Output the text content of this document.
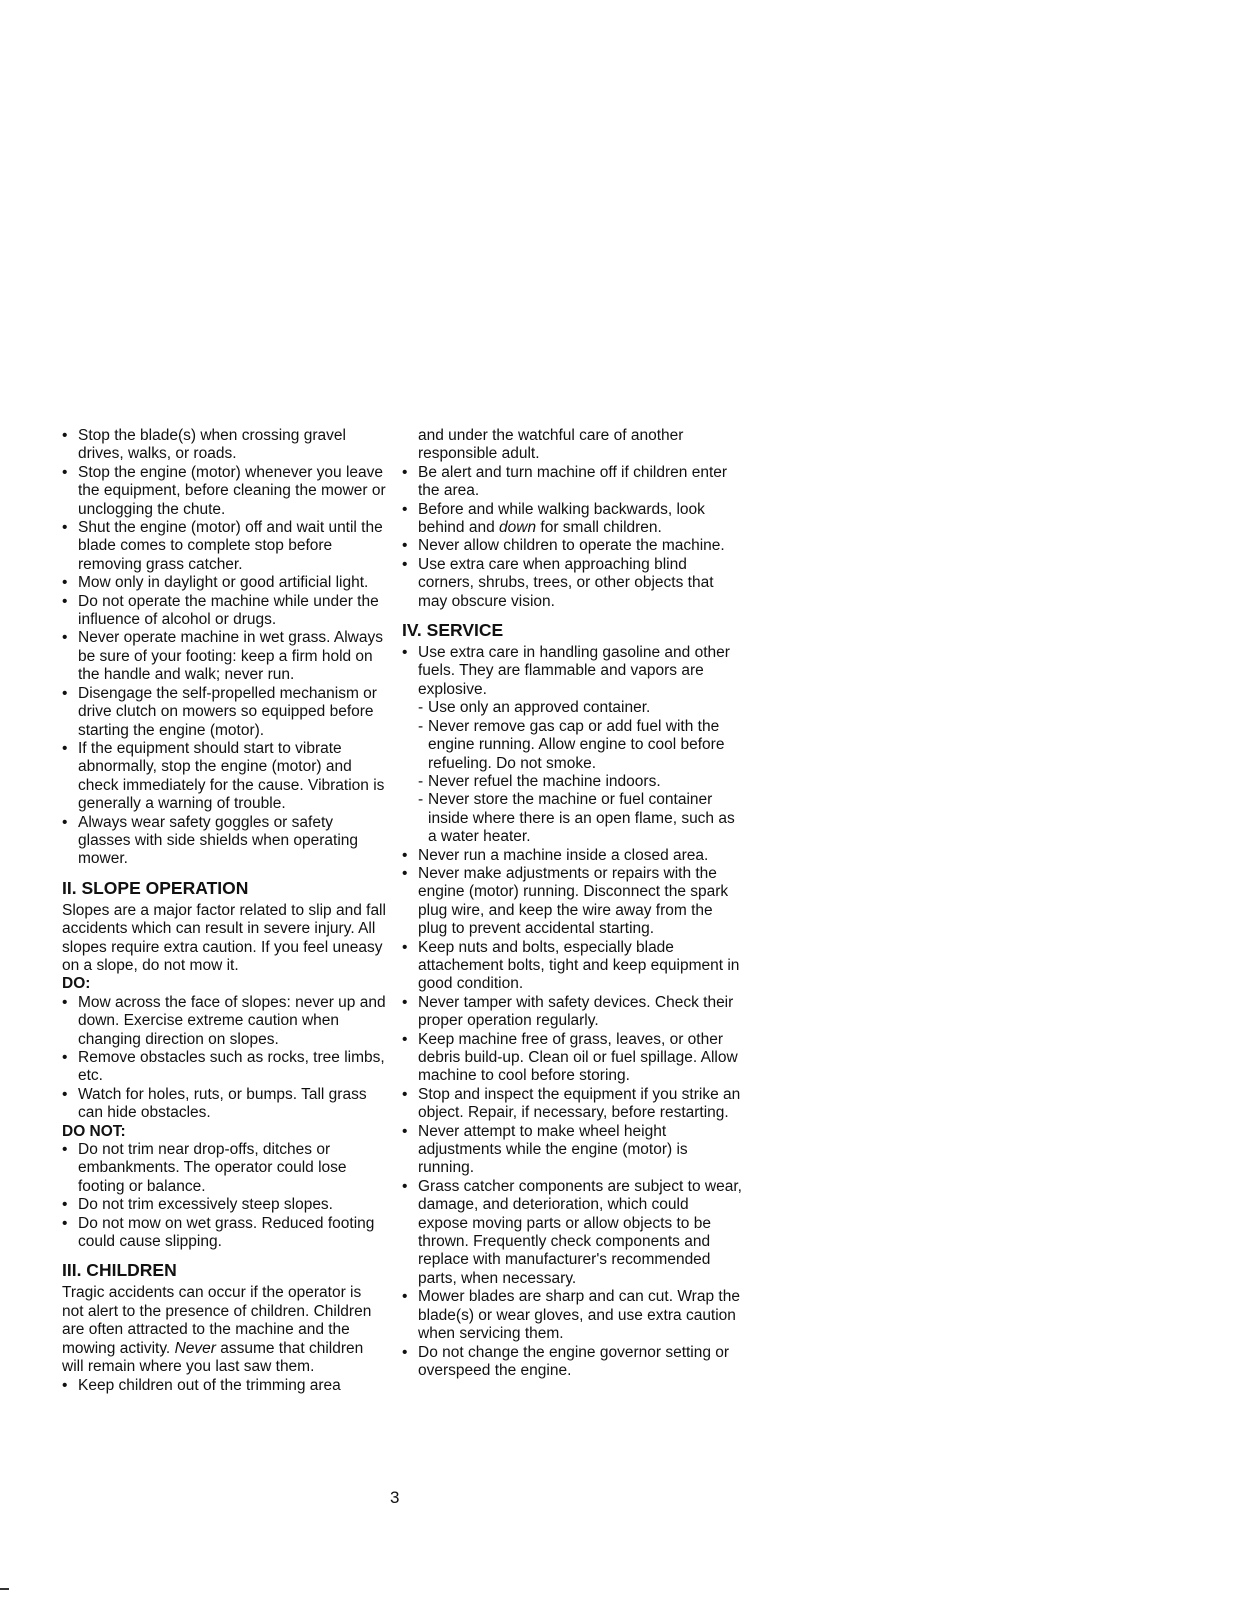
• Stop the blade(s) when crossing gravel drives, walks, or roads.
• Stop the engine (motor) whenever you leave the equipment, before cleaning the mower or unclogging the chute.
• Shut the engine (motor) off and wait until the blade comes to complete stop before removing grass catcher.
• Mow only in daylight or good artificial light.
• Do not operate the machine while under the influence of alcohol or drugs.
• Never operate machine in wet grass. Always be sure of your footing: keep a firm hold on the handle and walk; never run.
• Disengage the self-propelled mechanism or drive clutch on mowers so equipped before starting the engine (motor).
• If the equipment should start to vibrate abnormally, stop the engine (motor) and check immediately for the cause. Vibration is generally a warning of trouble.
• Always wear safety goggles or safety glasses with side shields when operating mower.
II. SLOPE OPERATION

Slopes are a major factor related to slip and fall accidents which can result in severe injury. All slopes require extra caution. If you feel uneasy on a slope, do not mow it.

DO:

• Mow across the face of slopes: never up and down. Exercise extreme caution when changing direction on slopes.
• Remove obstacles such as rocks, tree limbs, etc.
• Watch for holes, ruts, or bumps. Tall grass can hide obstacles.

DO NOT:

• Do not trim near drop-offs, ditches or embankments. The operator could lose footing or balance.
• Do not trim excessively steep slopes.
• Do not mow on wet grass. Reduced footing could cause slipping.
III. CHILDREN

Tragic accidents can occur if the operator is not alert to the presence of children. Children are often attracted to the machine and the mowing activity. Never assume that children will remain where you last saw them.

• Keep children out of the trimming area

and under the watchful care of another responsible adult.

• Be alert and turn machine off if children enter the area.
• Before and while walking backwards, look behind and down for small children.
• Never allow children to operate the machine.
• Use extra care when approaching blind corners, shrubs, trees, or other objects that may obscure vision.
IV. SERVICE
• Use extra care in handling gasoline and other fuels. They are flammable and vapors are explosive.
- Use only an approved container.
- Never remove gas cap or add fuel with the engine running. Allow engine to cool before refueling. Do not smoke.
- Never refuel the machine indoors.
- Never store the machine or fuel container inside where there is an open flame, such as a water heater.
• Never run a machine inside a closed area.
• Never make adjustments or repairs with the engine (motor) running. Disconnect the spark plug wire, and keep the wire away from the plug to prevent accidental starting.
• Keep nuts and bolts, especially blade attachement bolts, tight and keep equipment in good condition.
• Never tamper with safety devices. Check their proper operation regularly.
• Keep machine free of grass, leaves, or other debris build-up. Clean oil or fuel spillage. Allow machine to cool before storing.
• Stop and inspect the equipment if you strike an object. Repair, if necessary, before restarting.
• Never attempt to make wheel height adjustments while the engine (motor) is running.
• Grass catcher components are subject to wear, damage, and deterioration, which could expose moving parts or allow objects to be thrown. Frequently check components and replace with manufacturer's recommended parts, when necessary.
• Mower blades are sharp and can cut. Wrap the blade(s) or wear gloves, and use extra caution when servicing them.
• Do not change the engine governor setting or overspeed the engine.
3
